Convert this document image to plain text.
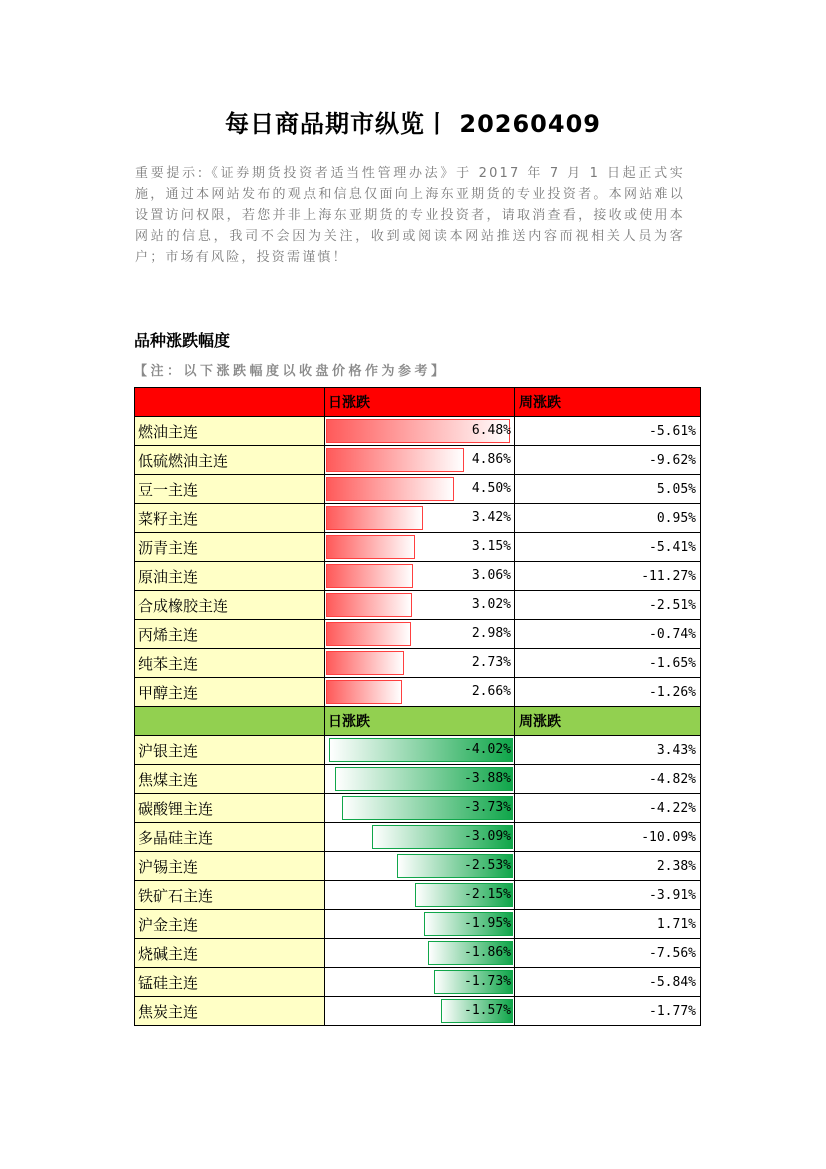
每日商品期市纵览丨 20260409
重要提示:《证券期货投资者适当性管理办法》于 2017 年 7 月 1 日起正式实施，通过本网站发布的观点和信息仅面向上海东亚期货的专业投资者。本网站难以设置访问权限，若您并非上海东亚期货的专业投资者，请取消查看，接收或使用本网站的信息，我司不会因为关注，收到或阅读本网站推送内容而视相关人员为客户；市场有风险，投资需谨慎！
品种涨跌幅度
【注：以下涨跌幅度以收盘价格作为参考】
	日涨跌	周涨跌
燃油主连	6.48%	-5.61%
低硫燃油主连	4.86%	-9.62%
豆一主连	4.50%	5.05%
菜籽主连	3.42%	0.95%
沥青主连	3.15%	-5.41%
原油主连	3.06%	-11.27%
合成橡胶主连	3.02%	-2.51%
丙烯主连	2.98%	-0.74%
纯苯主连	2.73%	-1.65%
甲醇主连	2.66%	-1.26%
	日涨跌	周涨跌
沪银主连	-4.02%	3.43%
焦煤主连	-3.88%	-4.82%
碳酸锂主连	-3.73%	-4.22%
多晶硅主连	-3.09%	-10.09%
沪锡主连	-2.53%	2.38%
铁矿石主连	-2.15%	-3.91%
沪金主连	-1.95%	1.71%
烧碱主连	-1.86%	-7.56%
锰硅主连	-1.73%	-5.84%
焦炭主连	-1.57%	-1.77%
